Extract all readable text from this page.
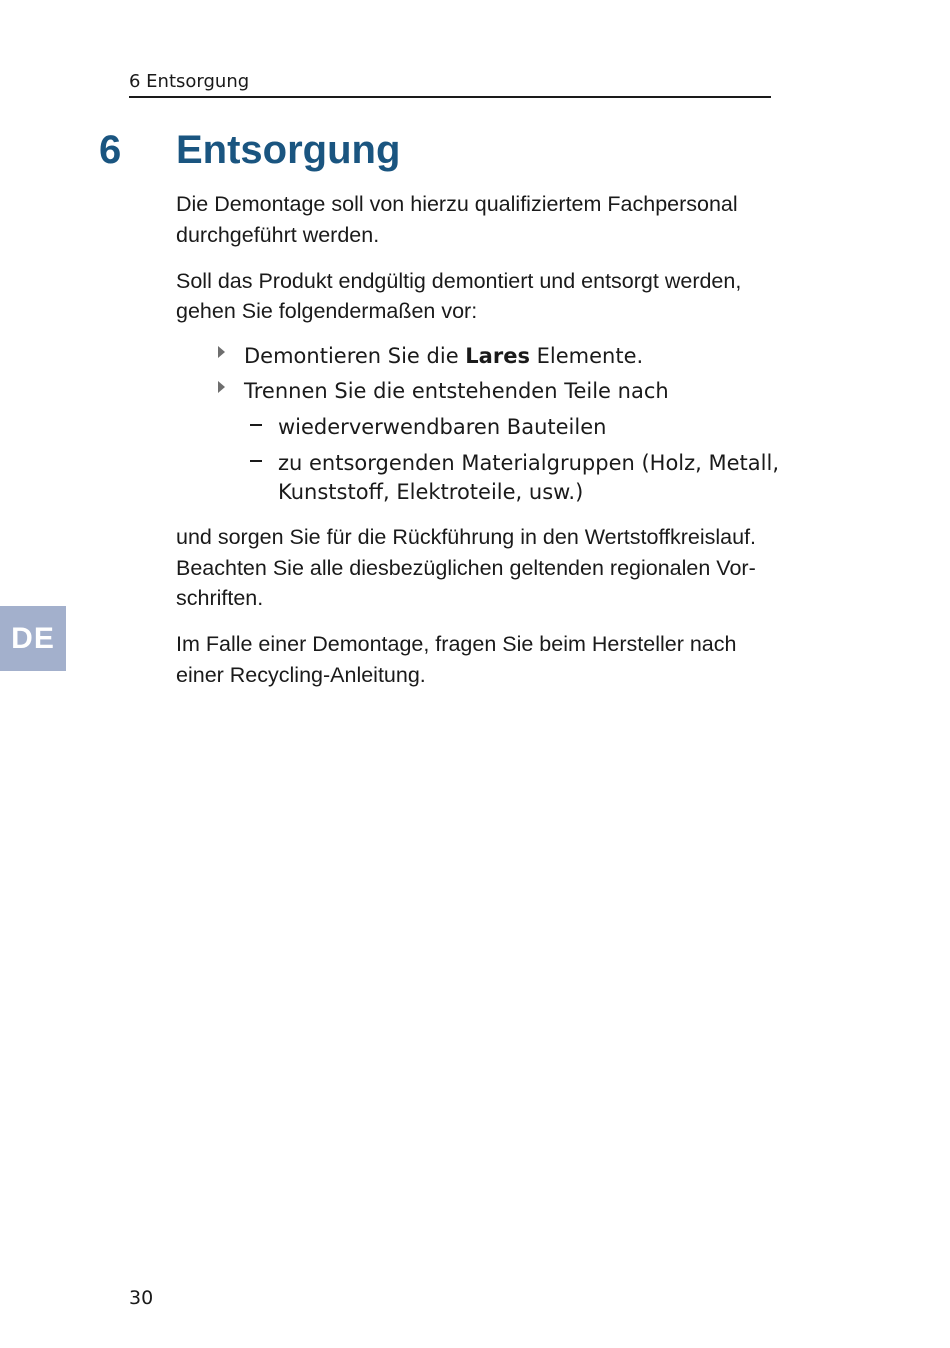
6 Entsorgung
6 Entsorgung
Die Demontage soll von hierzu qualifiziertem Fachpersonal
durchgeführt werden.
Soll das Produkt endgültig demontiert und entsorgt werden,
gehen Sie folgendermaßen vor:
Demontieren Sie die Lares Elemente.
Trennen Sie die entstehenden Teile nach
wiederverwendbaren Bauteilen
zu entsorgenden Materialgruppen (Holz, Metall,
Kunststoff, Elektroteile, usw.)
und sorgen Sie für die Rückführung in den Wertstoffkreislauf.
Beachten Sie alle diesbezüglichen geltenden regionalen Vor-
schriften.
Im Falle einer Demontage, fragen Sie beim Hersteller nach
einer Recycling-Anleitung.
DE
30
